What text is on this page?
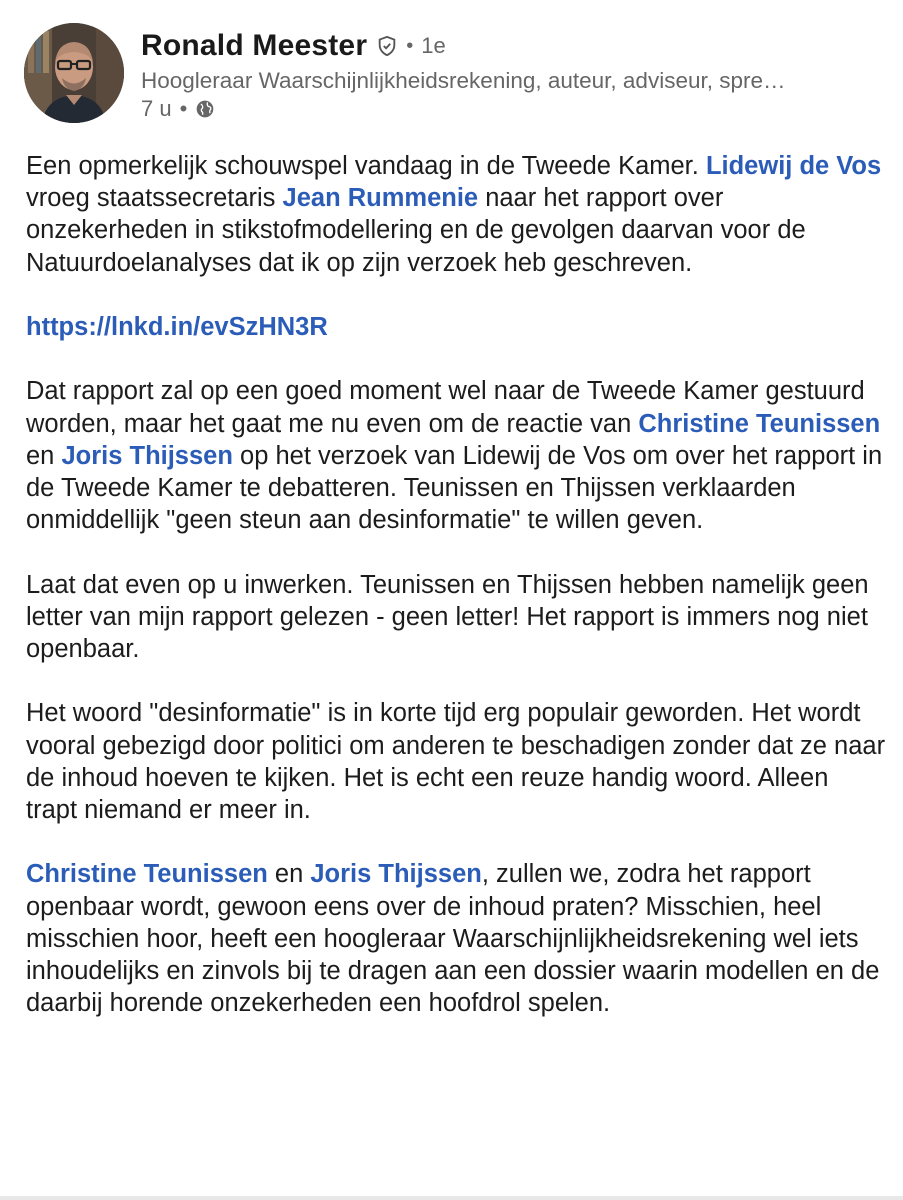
Ronald Meester • 1e
Hoogleraar Waarschijnlijkheidsrekening, auteur, adviseur, spre…
7 u •

Een opmerkelijk schouwspel vandaag in de Tweede Kamer. Lidewij de Vos vroeg staatssecretaris Jean Rummenie naar het rapport over onzekerheden in stikstofmodellering en de gevolgen daarvan voor de Natuurdoelanalyses dat ik op zijn verzoek heb geschreven.

https://lnkd.in/evSzHN3R

Dat rapport zal op een goed moment wel naar de Tweede Kamer gestuurd worden, maar het gaat me nu even om de reactie van Christine Teunissen en Joris Thijssen op het verzoek van Lidewij de Vos om over het rapport in de Tweede Kamer te debatteren. Teunissen en Thijssen verklaarden onmiddellijk "geen steun aan desinformatie" te willen geven.

Laat dat even op u inwerken. Teunissen en Thijssen hebben namelijk geen letter van mijn rapport gelezen - geen letter! Het rapport is immers nog niet openbaar.

Het woord "desinformatie" is in korte tijd erg populair geworden. Het wordt vooral gebezigd door politici om anderen te beschadigen zonder dat ze naar de inhoud hoeven te kijken. Het is echt een reuze handig woord. Alleen trapt niemand er meer in.

Christine Teunissen en Joris Thijssen, zullen we, zodra het rapport openbaar wordt, gewoon eens over de inhoud praten? Misschien, heel misschien hoor, heeft een hoogleraar Waarschijnlijkheidsrekening wel iets inhoudelijks en zinvols bij te dragen aan een dossier waarin modellen en de daarbij horende onzekerheden een hoofdrol spelen.
